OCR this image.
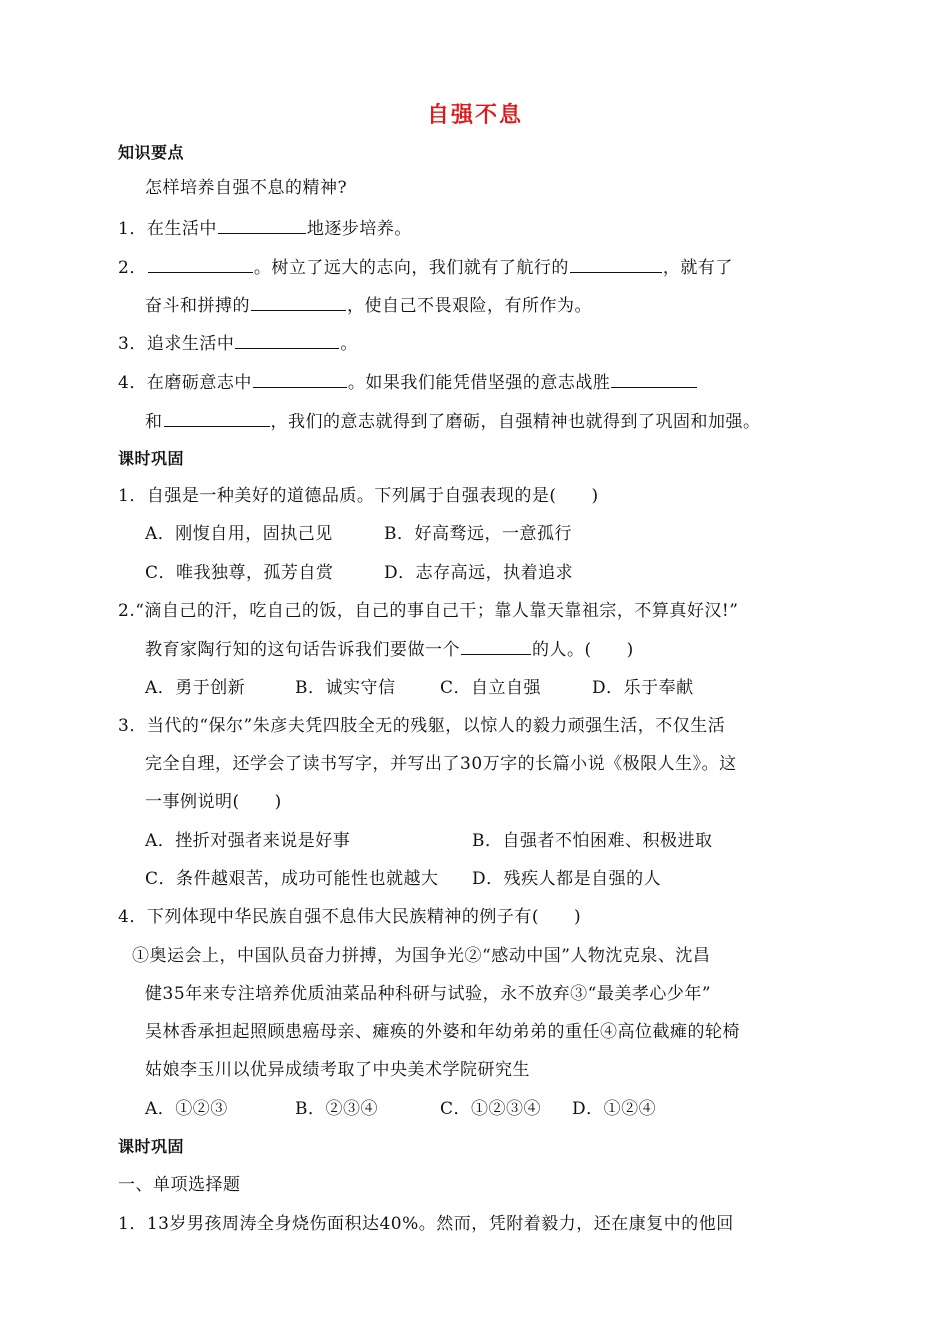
自强不息
知识要点
怎样培养自强不息的精神?
1．在生活中	地逐步培养。
2．	。树立了远大的志向，我们就有了航行的	，就有了
奋斗和拼搏的	，使自己不畏艰险，有所作为。
3．追求生活中	。
4．在磨砺意志中	。如果我们能凭借坚强的意志战胜
和	，我们的意志就得到了磨砺，自强精神也就得到了巩固和加强。
课时巩固
1．自强是一种美好的道德品质。下列属于自强表现的是(　　)
A．刚愎自用，固执己见	B．好高骛远，一意孤行
C．唯我独尊，孤芳自赏	D．志存高远，执着追求
2.“滴自己的汗，吃自己的饭，自己的事自己干；靠人靠天靠祖宗，不算真好汉!”
教育家陶行知的这句话告诉我们要做一个	的人。(　　)
A．勇于创新	B．诚实守信	C．自立自强	D．乐于奉献
3．当代的“保尔”朱彦夫凭四肢全无的残躯，以惊人的毅力顽强生活，不仅生活
完全自理，还学会了读书写字，并写出了30万字的长篇小说《极限人生》。这
一事例说明(　　)
A．挫折对强者来说是好事	B．自强者不怕困难、积极进取
C．条件越艰苦，成功可能性也就越大 D．残疾人都是自强的人
4．下列体现中华民族自强不息伟大民族精神的例子有(　　)
①奥运会上，中国队员奋力拼搏，为国争光②“感动中国”人物沈克泉、沈昌
健35年来专注培养优质油菜品种科研与试验，永不放弃③“最美孝心少年”
吴林香承担起照顾患癌母亲、瘫痪的外婆和年幼弟弟的重任④高位截瘫的轮椅
姑娘李玉川以优异成绩考取了中央美术学院研究生
A．①②③	B．②③④	C．①②③④ D．①②④
课时巩固
一、单项选择题
1．13岁男孩周涛全身烧伤面积达40%。然而，凭附着毅力，还在康复中的他回
